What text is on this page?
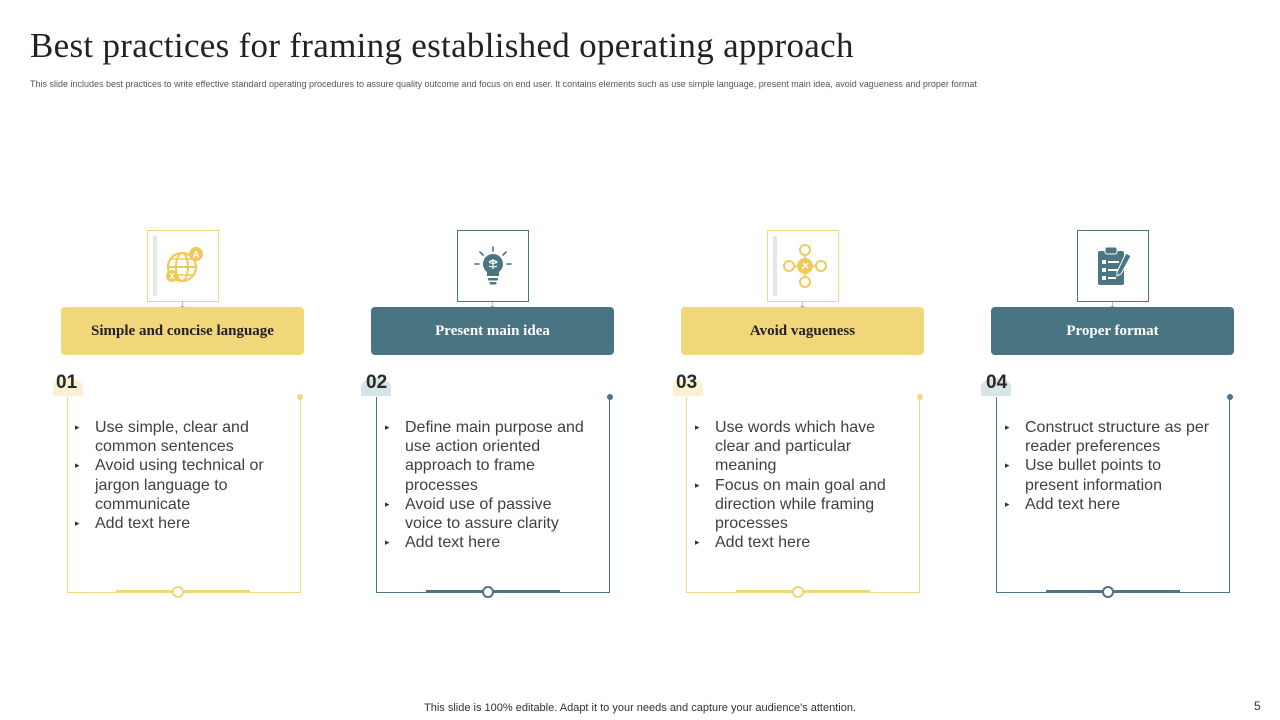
Best practices for framing established operating approach
This slide includes best practices to write effective standard operating procedures to assure quality outcome and focus on end user. It contains elements such as use simple language, present main idea, avoid vagueness and proper format
A
X
Simple and concise language
01
▸ Use simple, clear and common sentences
▸ Avoid using technical or jargon language to communicate
▸ Add text here
Present main idea
02
▸ Define main purpose and use action oriented approach to frame processes
▸ Avoid use of passive voice to assure clarity
▸ Add text here
Avoid vagueness
03
▸ Use words which have clear and particular meaning
▸ Focus on main goal and direction while framing processes
▸ Add text here
Proper format
04
▸ Construct structure as per reader preferences
▸ Use bullet points to present information
▸ Add text here
This slide is 100% editable. Adapt it to your needs and capture your audience's attention.	5
